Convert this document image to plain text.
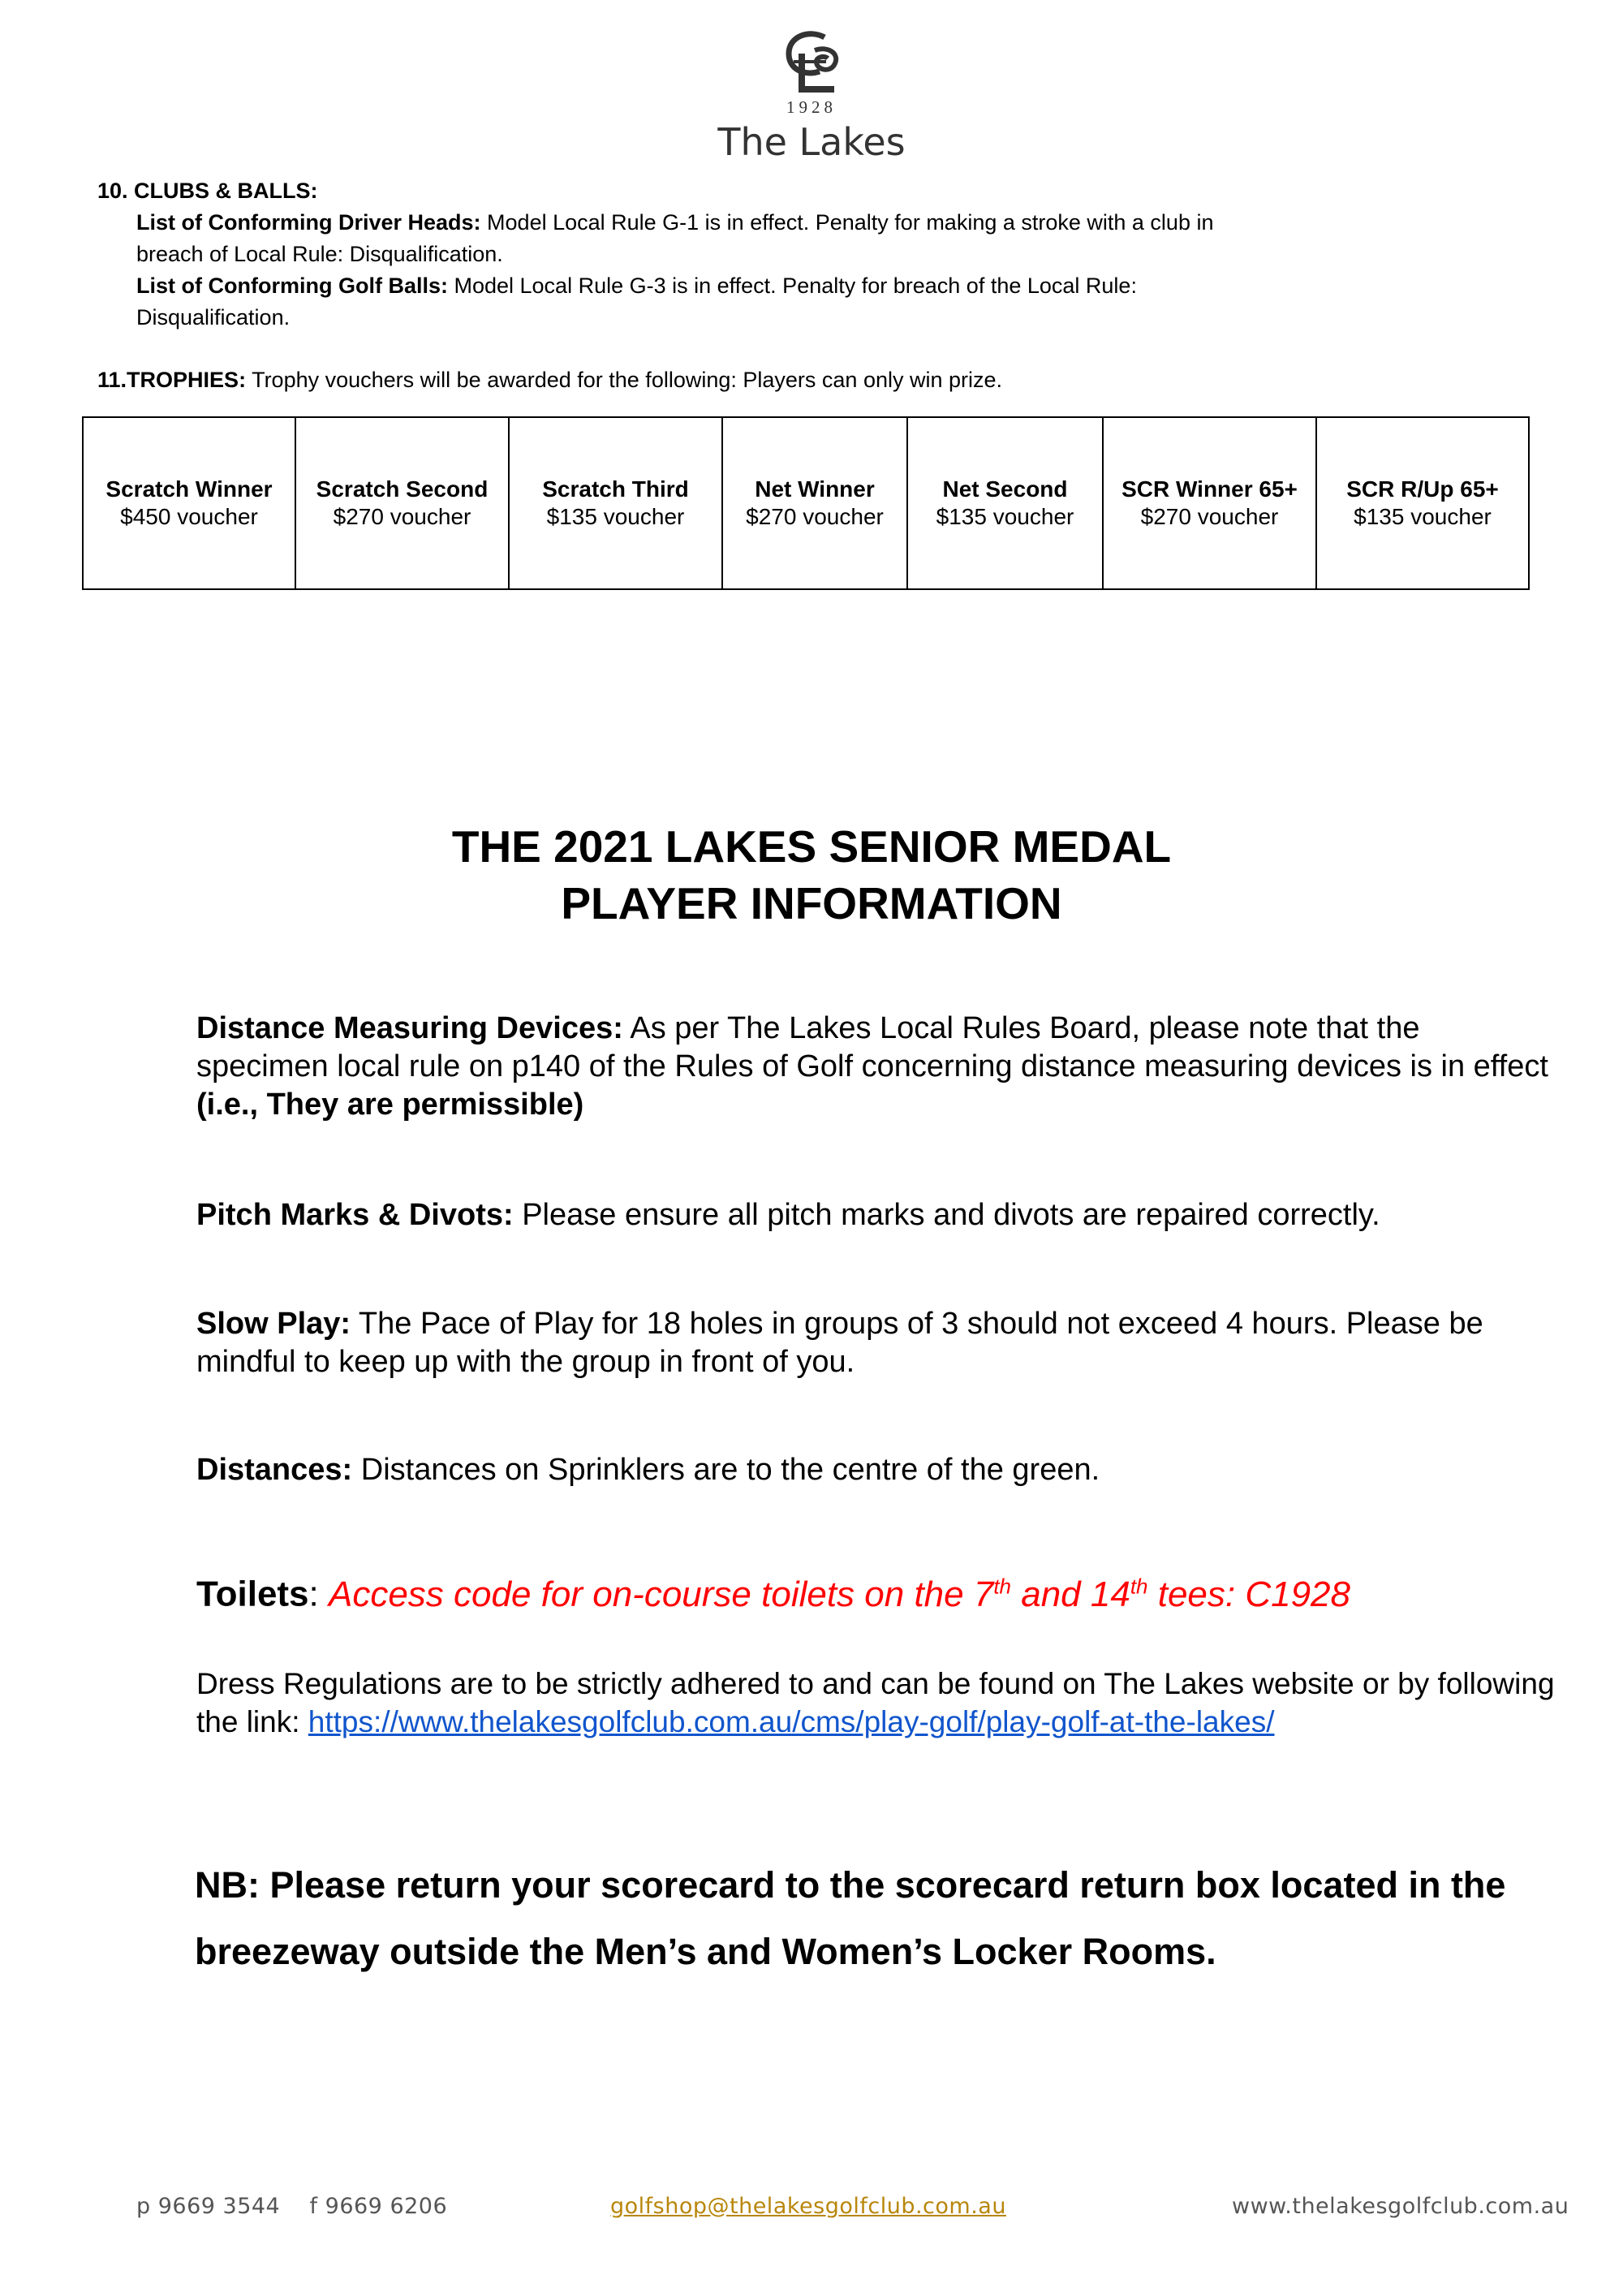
1928
The Lakes
10. CLUBS & BALLS:
List of Conforming Driver Heads: Model Local Rule G-1 is in effect. Penalty for making a stroke with a club in
breach of Local Rule: Disqualification.
List of Conforming Golf Balls: Model Local Rule G-3 is in effect. Penalty for breach of the Local Rule:
Disqualification.
11.TROPHIES: Trophy vouchers will be awarded for the following: Players can only win prize.
Scratch Winner
$450 voucher

Scratch Second
$270 voucher

Scratch Third
$135 voucher

Net Winner
$270 voucher

Net Second
$135 voucher

SCR Winner 65+
$270 voucher

SCR R/Up 65+
$135 voucher
THE 2021 LAKES SENIOR MEDAL
PLAYER INFORMATION
Distance Measuring Devices: As per The Lakes Local Rules Board, please note that the specimen local rule on p140 of the Rules of Golf concerning distance measuring devices is in effect (i.e., They are permissible)
Pitch Marks & Divots: Please ensure all pitch marks and divots are repaired correctly.
Slow Play: The Pace of Play for 18 holes in groups of 3 should not exceed 4 hours. Please be mindful to keep up with the group in front of you.
Distances: Distances on Sprinklers are to the centre of the green.
Toilets: Access code for on-course toilets on the 7th and 14th tees: C1928
Dress Regulations are to be strictly adhered to and can be found on The Lakes website or by following the link: https://www.thelakesgolfclub.com.au/cms/play-golf/play-golf-at-the-lakes/
NB: Please return your scorecard to the scorecard return box located in the breezeway outside the Men’s and Women’s Locker Rooms.
p 9669 3544    f 9669 6206	golfshop@thelakesgolfclub.com.au	www.thelakesgolfclub.com.au
